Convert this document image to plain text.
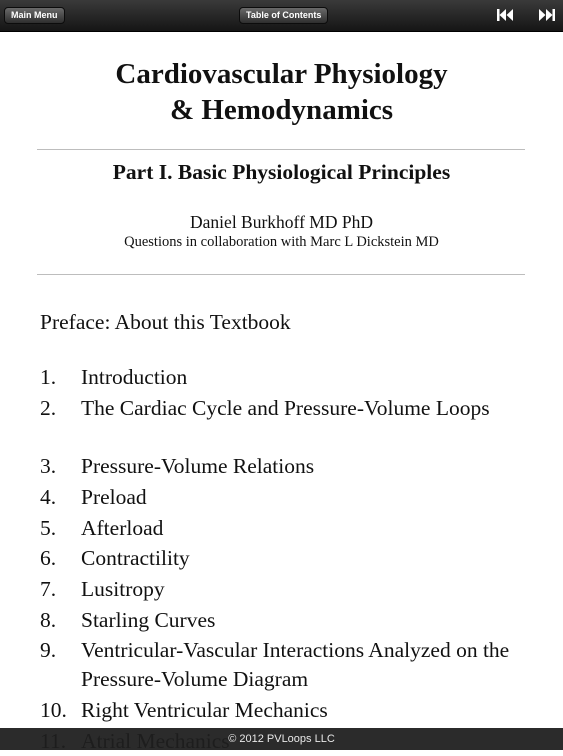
Main Menu	Table of Contents
Cardiovascular Physiology
& Hemodynamics
Part I. Basic Physiological Principles
Daniel Burkhoff MD PhD
Questions in collaboration with Marc L Dickstein MD
Preface: About this Textbook
1. Introduction
2. The Cardiac Cycle and Pressure-Volume Loops
3. Pressure-Volume Relations
4. Preload
5. Afterload
6. Contractility
7. Lusitropy
8. Starling Curves
9. Ventricular-Vascular Interactions Analyzed on the Pressure-Volume Diagram
10. Right Ventricular Mechanics
© 2012 PVLoops LLC
